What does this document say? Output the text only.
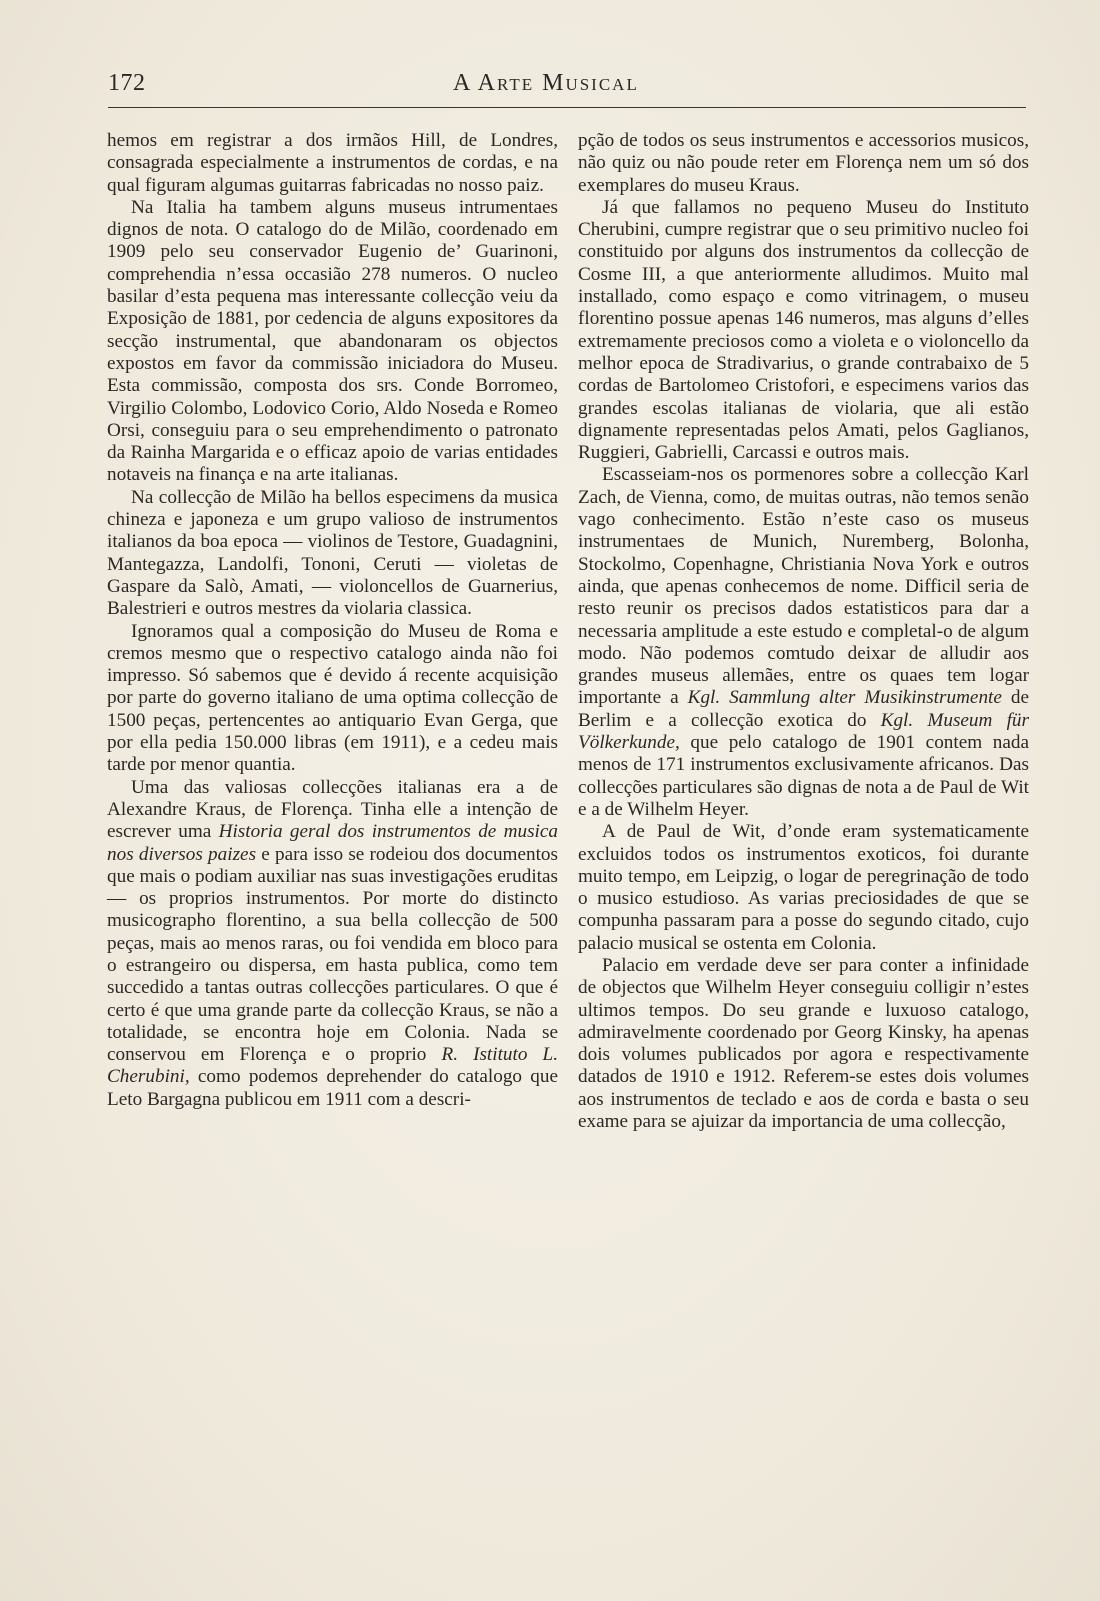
172	A Arte Musical

hemos em registrar a dos irmãos Hill, de Londres, consagrada especialmente a instrumentos de cordas, e na qual figuram algumas guitarras fabricadas no nosso paiz.

Na Italia ha tambem alguns museus intrumentaes dignos de nota. O catalogo do de Milão, coordenado em 1909 pelo seu conservador Eugenio de’ Guarinoni, comprehendia n’essa occasião 278 numeros. O nucleo basilar d’esta pequena mas interessante collecção veiu da Exposição de 1881, por cedencia de alguns expositores da secção instrumental, que abandonaram os objectos expostos em favor da commissão iniciadora do Museu. Esta commissão, composta dos srs. Conde Borromeo, Virgilio Colombo, Lodovico Corio, Aldo Noseda e Romeo Orsi, conseguiu para o seu emprehendimento o patronato da Rainha Margarida e o efficaz apoio de varias entidades notaveis na finança e na arte italianas.

Na collecção de Milão ha bellos especimens da musica chineza e japoneza e um grupo valioso de instrumentos italianos da boa epoca — violinos de Testore, Guadagnini, Mantegazza, Landolfi, Tononi, Ceruti — violetas de Gaspare da Salò, Amati, — violoncellos de Guarnerius, Balestrieri e outros mestres da violaria classica.

Ignoramos qual a composição do Museu de Roma e cremos mesmo que o respectivo catalogo ainda não foi impresso. Só sabemos que é devido á recente acquisição por parte do governo italiano de uma optima collecção de 1500 peças, pertencentes ao antiquario Evan Gerga, que por ella pedia 150.000 libras (em 1911), e a cedeu mais tarde por menor quantia.

Uma das valiosas collecções italianas era a de Alexandre Kraus, de Florença. Tinha elle a intenção de escrever uma Historia geral dos instrumentos de musica nos diversos paizes e para isso se rodeiou dos documentos que mais o podiam auxiliar nas suas investigações eruditas — os proprios instrumentos. Por morte do distincto musicographo florentino, a sua bella collecção de 500 peças, mais ao menos raras, ou foi vendida em bloco para o estrangeiro ou dispersa, em hasta publica, como tem succedido a tantas outras collecções particulares. O que é certo é que uma grande parte da collecção Kraus, se não a totalidade, se encontra hoje em Colonia. Nada se conservou em Florença e o proprio R. Istituto L. Cherubini, como podemos deprehender do catalogo que Leto Bargagna publicou em 1911 com a descri-

pção de todos os seus instrumentos e accessorios musicos, não quiz ou não poude reter em Florença nem um só dos exemplares do museu Kraus.

Já que fallamos no pequeno Museu do Instituto Cherubini, cumpre registrar que o seu primitivo nucleo foi constituido por alguns dos instrumentos da collecção de Cosme III, a que anteriormente alludimos. Muito mal installado, como espaço e como vitrinagem, o museu florentino possue apenas 146 numeros, mas alguns d’elles extremamente preciosos como a violeta e o violoncello da melhor epoca de Stradivarius, o grande contrabaixo de 5 cordas de Bartolomeo Cristofori, e especimens varios das grandes escolas italianas de violaria, que ali estão dignamente representadas pelos Amati, pelos Gaglianos, Ruggieri, Gabrielli, Carcassi e outros mais.

Escasseiam-nos os pormenores sobre a collecção Karl Zach, de Vienna, como, de muitas outras, não temos senão vago conhecimento. Estão n’este caso os museus instrumentaes de Munich, Nuremberg, Bolonha, Stockolmo, Copenhagne, Christiania Nova York e outros ainda, que apenas conhecemos de nome. Difficil seria de resto reunir os precisos dados estatisticos para dar a necessaria amplitude a este estudo e completal-o de algum modo. Não podemos comtudo deixar de alludir aos grandes museus allemães, entre os quaes tem logar importante a Kgl. Sammlung alter Musikinstrumente de Berlim e a collecção exotica do Kgl. Museum für Völkerkunde, que pelo catalogo de 1901 contem nada menos de 171 instrumentos exclusivamente africanos. Das collecções particulares são dignas de nota a de Paul de Wit e a de Wilhelm Heyer.

A de Paul de Wit, d’onde eram systematicamente excluidos todos os instrumentos exoticos, foi durante muito tempo, em Leipzig, o logar de peregrinação de todo o musico estudioso. As varias preciosidades de que se compunha passaram para a posse do segundo citado, cujo palacio musical se ostenta em Colonia.

Palacio em verdade deve ser para conter a infinidade de objectos que Wilhelm Heyer conseguiu colligir n’estes ultimos tempos. Do seu grande e luxuoso catalogo, admiravelmente coordenado por Georg Kinsky, ha apenas dois volumes publicados por agora e respectivamente datados de 1910 e 1912. Referem-se estes dois volumes aos instrumentos de teclado e aos de corda e basta o seu exame para se ajuizar da importancia de uma collecção,
